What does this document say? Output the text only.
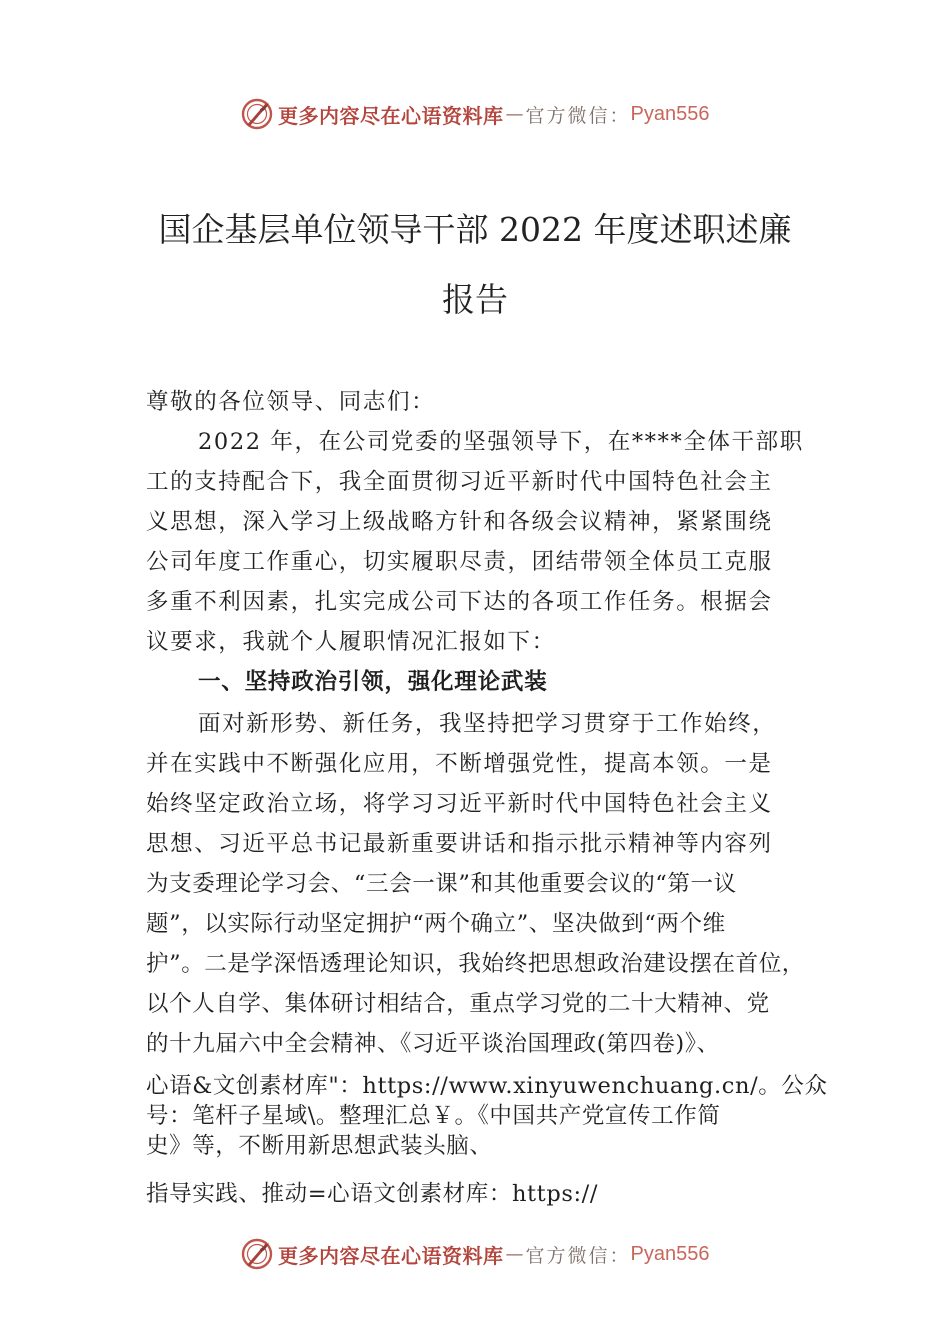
更多内容尽在心语资料库 — 官方微信： Pyan556
国企基层单位领导干部 2022 年度述职述廉
报告
尊敬的各位领导、同志们：
2022 年，在公司党委的坚强领导下，在****全体干部职
工的支持配合下，我全面贯彻习近平新时代中国特色社会主
义思想，深入学习上级战略方针和各级会议精神，紧紧围绕
公司年度工作重心，切实履职尽责，团结带领全体员工克服
多重不利因素，扎实完成公司下达的各项工作任务。根据会
议要求，我就个人履职情况汇报如下：
一、坚持政治引领，强化理论武装
面对新形势、新任务，我坚持把学习贯穿于工作始终，
并在实践中不断强化应用，不断增强党性，提高本领。一是
始终坚定政治立场，将学习习近平新时代中国特色社会主义
思想、习近平总书记最新重要讲话和指示批示精神等内容列
为支委理论学习会、“三会一课”和其他重要会议的“第一议
题”，以实际行动坚定拥护“两个确立”、坚决做到“两个维
护”。二是学深悟透理论知识，我始终把思想政治建设摆在首位，
以个人自学、集体研讨相结合，重点学习党的二十大精神、党
的十九届六中全会精神、《习近平谈治国理政(第四卷)》、
心语&文创素材库"：https://www.xinyuwenchuang.cn/。公众
号：笔杆子星域\。整理汇总￥。《中国共产党宣传工作简
史》等，不断用新思想武装头脑、
指导实践、推动=心语文创素材库：https://
更多内容尽在心语资料库 — 官方微信： Pyan556
